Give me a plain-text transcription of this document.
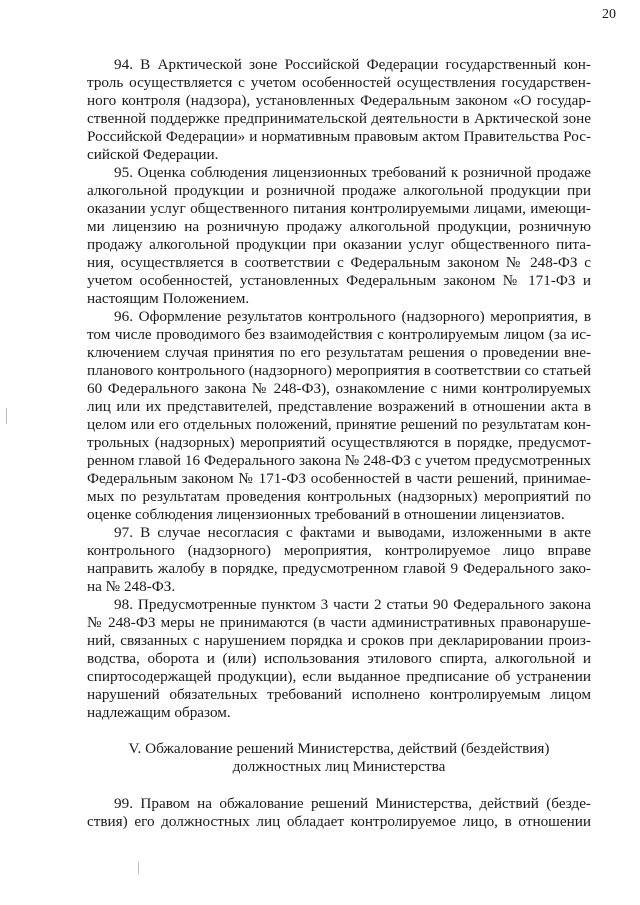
20

94. В Арктической зоне Российской Федерации государственный кон-

троль осуществляется с учетом особенностей осуществления государствен-

ного контроля (надзора), установленных Федеральным законом «О государ-

ственной поддержке предпринимательской деятельности в Арктической зоне

Российской Федерации» и нормативным правовым актом Правительства Рос-

сийской Федерации.

95. Оценка соблюдения лицензионных требований к розничной продаже

алкогольной продукции и розничной продаже алкогольной продукции при

оказании услуг общественного питания контролируемыми лицами, имеющи-

ми лицензию на розничную продажу алкогольной продукции, розничную

продажу алкогольной продукции при оказании услуг общественного пита-

ния, осуществляется в соответствии с Федеральным законом № 248-ФЗ с

учетом особенностей, установленных Федеральным законом № 171-ФЗ и

настоящим Положением.

96. Оформление результатов контрольного (надзорного) мероприятия, в

том числе проводимого без взаимодействия с контролируемым лицом (за ис-

ключением случая принятия по его результатам решения о проведении вне-

планового контрольного (надзорного) мероприятия в соответствии со статьей

60 Федерального закона № 248-ФЗ), ознакомление с ними контролируемых

лиц или их представителей, представление возражений в отношении акта в

целом или его отдельных положений, принятие решений по результатам кон-

трольных (надзорных) мероприятий осуществляются в порядке, предусмот-

ренном главой 16 Федерального закона № 248-ФЗ с учетом предусмотренных

Федеральным законом № 171-ФЗ особенностей в части решений, принимае-

мых по результатам проведения контрольных (надзорных) мероприятий по

оценке соблюдения лицензионных требований в отношении лицензиатов.

97. В случае несогласия с фактами и выводами, изложенными в акте

контрольного (надзорного) мероприятия, контролируемое лицо вправе

направить жалобу в порядке, предусмотренном главой 9 Федерального зако-

на № 248-ФЗ.

98. Предусмотренные пунктом 3 части 2 статьи 90 Федерального закона

№ 248-ФЗ меры не принимаются (в части административных правонаруше-

ний, связанных с нарушением порядка и сроков при декларировании произ-

водства, оборота и (или) использования этилового спирта, алкогольной и

спиртосодержащей продукции), если выданное предписание об устранении

нарушений обязательных требований исполнено контролируемым лицом

надлежащим образом.

V. Обжалование решений Министерства, действий (бездействия)

должностных лиц Министерства

99. Правом на обжалование решений Министерства, действий (безде-

ствия) его должностных лиц обладает контролируемое лицо, в отношении
